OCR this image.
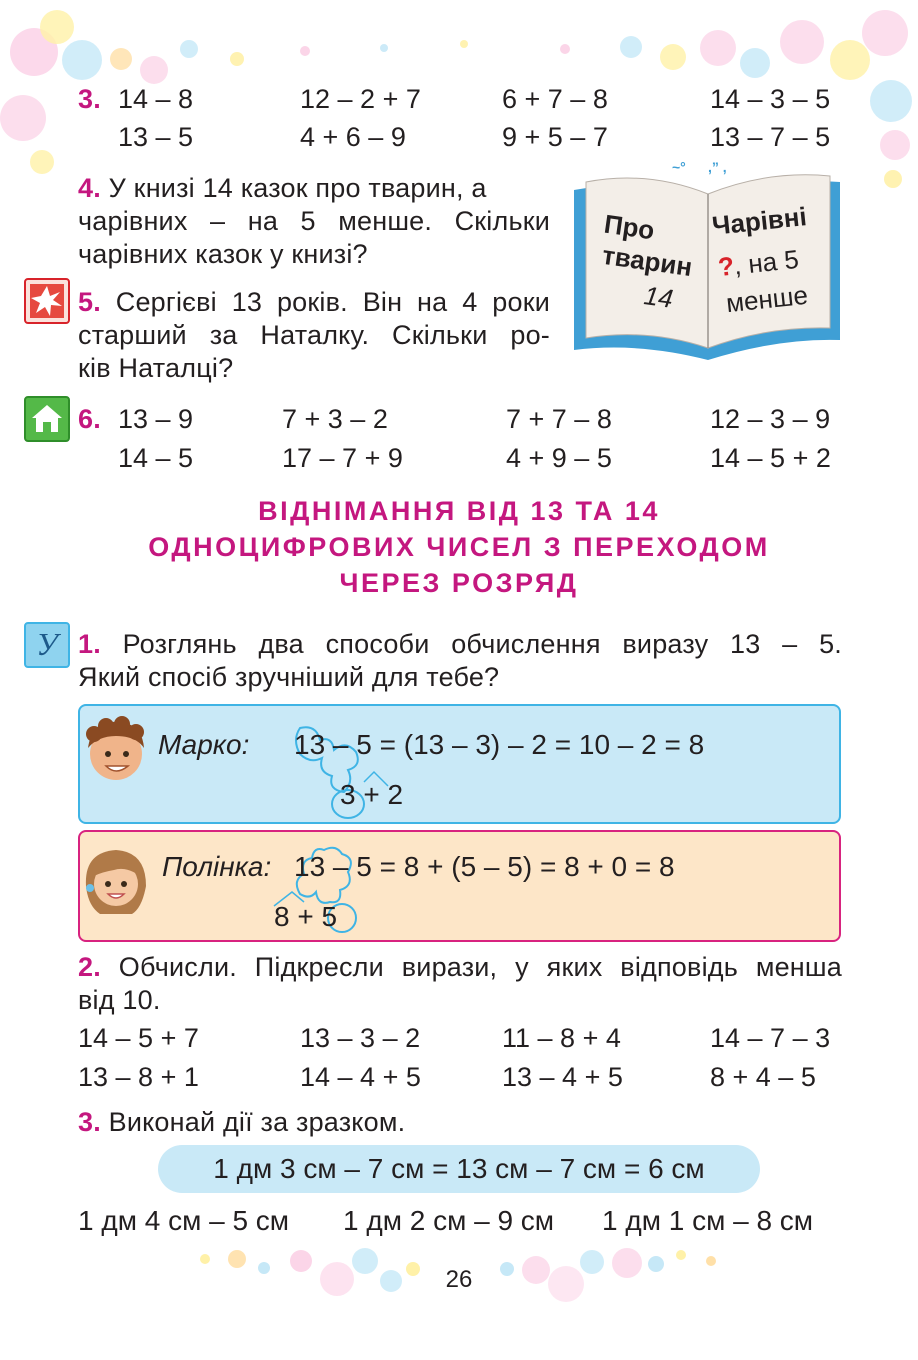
3. 14 – 8	12 – 2 + 7	6 + 7 – 8	14 – 3 – 5
13 – 5	4 + 6 – 9	9 + 5 – 7	13 – 7 – 5
4. У книзі 14 казок про тварин, а
чарівних – на 5 менше. Скільки
чарівних казок у книзі?
~° ,” ,
Про
тварин
14
Чарівні
?, на 5
менше
5. Сергієві 13 років. Він на 4 роки
старший за Наталку. Скільки ро-
ків Наталці?
6. 13 – 9	7 + 3 – 2	7 + 7 – 8	12 – 3 – 9
14 – 5	17 – 7 + 9	4 + 9 – 5	14 – 5 + 2
ВІДНІМАННЯ ВІД 13 ТА 14
ОДНОЦИФРОВИХ ЧИСЕЛ З ПЕРЕХОДОМ
ЧЕРЕЗ РОЗРЯД
У 1. Розглянь два способи обчислення виразу 13 – 5.
Який спосіб зручніший для тебе?
Марко: 13 – 5 = (13 – 3) – 2 = 10 – 2 = 8
3 + 2
Полінка: 13 – 5 = 8 + (5 – 5) = 8 + 0 = 8
8 + 5
2. Обчисли. Підкресли вирази, у яких відповідь менша
від 10.
14 – 5 + 7	13 – 3 – 2	11 – 8 + 4	14 – 7 – 3
13 – 8 + 1	14 – 4 + 5	13 – 4 + 5	8 + 4 – 5
3. Виконай дії за зразком.
1 дм 3 см – 7 см = 13 см – 7 см = 6 см
1 дм 4 см – 5 см 1 дм 2 см – 9 см 1 дм 1 см – 8 см
26
